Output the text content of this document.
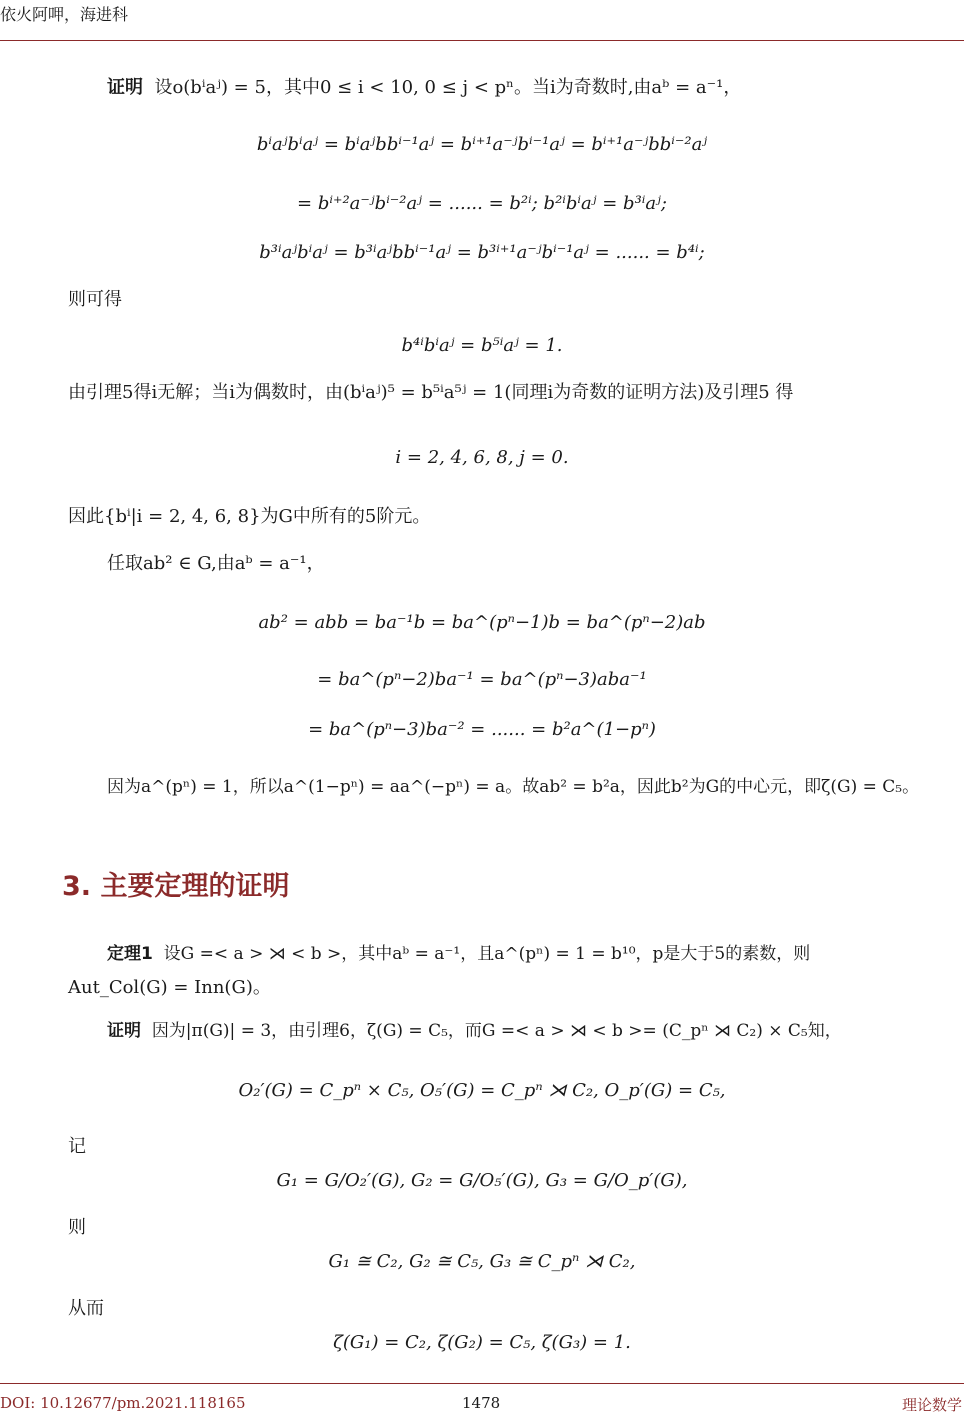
依火阿呷，海进科
证明 设o(bⁱaʲ) = 5，其中0 ≤ i < 10, 0 ≤ j < pⁿ。当i为奇数时,由aᵇ = a⁻¹，
bⁱaʲbⁱaʲ = bⁱaʲbbⁱ⁻¹aʲ = bⁱ⁺¹a⁻ʲbⁱ⁻¹aʲ = bⁱ⁺¹a⁻ʲbbⁱ⁻²aʲ
= bⁱ⁺²a⁻ʲbⁱ⁻²aʲ = ...... = b²ⁱ; b²ⁱbⁱaʲ = b³ⁱaʲ;
b³ⁱaʲbⁱaʲ = b³ⁱaʲbbⁱ⁻¹aʲ = b³ⁱ⁺¹a⁻ʲbⁱ⁻¹aʲ = ...... = b⁴ⁱ;
则可得
b⁴ⁱbⁱaʲ = b⁵ⁱaʲ = 1.
由引理5得i无解；当i为偶数时，由(bⁱaʲ)⁵ = b⁵ⁱa⁵ʲ = 1(同理i为奇数的证明方法)及引理5 得
i = 2, 4, 6, 8, j = 0.
因此{bⁱ|i = 2, 4, 6, 8}为G中所有的5阶元。
任取ab² ∈ G,由aᵇ = a⁻¹，
ab² = abb = ba⁻¹b = ba^(pⁿ−1)b = ba^(pⁿ−2)ab
= ba^(pⁿ−2)ba⁻¹ = ba^(pⁿ−3)aba⁻¹
= ba^(pⁿ−3)ba⁻² = ...... = b²a^(1−pⁿ)
因为a^(pⁿ) = 1，所以a^(1−pⁿ) = aa^(−pⁿ) = a。故ab² = b²a，因此b²为G的中心元，即ζ(G) = C₅。
3. 主要定理的证明
定理1 设G =< a > ⋊ < b >，其中aᵇ = a⁻¹，且a^(pⁿ) = 1 = b¹⁰，p是大于5的素数，则
Aut_Col(G) = Inn(G)。
证明 因为|π(G)| = 3，由引理6，ζ(G) = C₅，而G =< a > ⋊ < b >= (C_pⁿ ⋊ C₂) × C₅知，
O₂′(G) = C_pⁿ × C₅, O₅′(G) = C_pⁿ ⋊ C₂, O_p′(G) = C₅,
记
G₁ = G/O₂′(G), G₂ = G/O₅′(G), G₃ = G/O_p′(G),
则
G₁ ≅ C₂, G₂ ≅ C₅, G₃ ≅ C_pⁿ ⋊ C₂,
从而
ζ(G₁) = C₂, ζ(G₂) = C₅, ζ(G₃) = 1.
DOI: 10.12677/pm.2021.118165	1478	理论数学
